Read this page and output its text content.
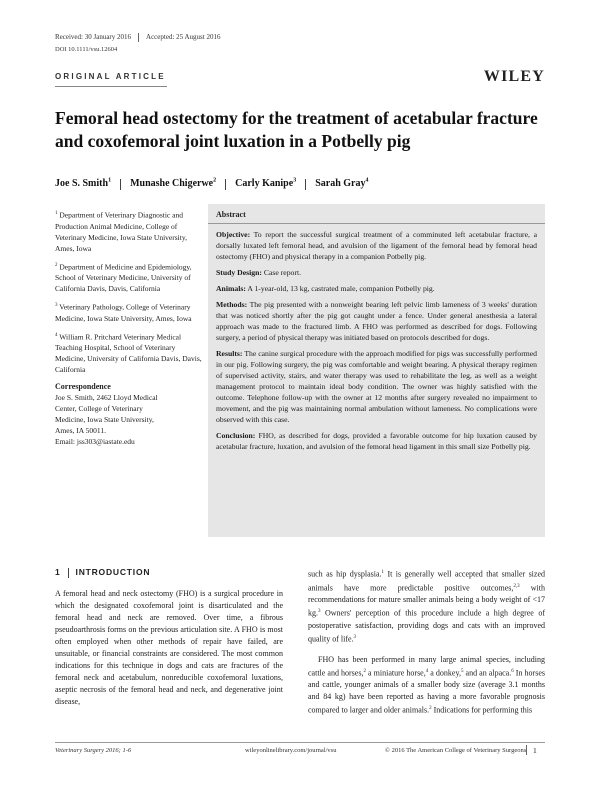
Received: 30 January 2016 Accepted: 25 August 2016
DOI 10.1111/vsu.12604
ORIGINAL ARTICLE	WILEY
Femoral head ostectomy for the treatment of acetabular fracture and coxofemoral joint luxation in a Potbelly pig
Joe S. Smith$^1$ Munashe Chigerwe$^2$ Carly Kanipe$^3$ Sarah Gray$^4$
$^1$ Department of Veterinary Diagnostic and Production Animal Medicine, College of Veterinary Medicine, Iowa State University, Ames, Iowa
$^2$ Department of Medicine and Epidemiology, School of Veterinary Medicine, University of California Davis, Davis, California
$^3$ Veterinary Pathology, College of Veterinary Medicine, Iowa State University, Ames, Iowa
$^4$ William R. Pritchard Veterinary Medical Teaching Hospital, School of Veterinary Medicine, University of California Davis, Davis, California
Correspondence
Joe S. Smith, 2462 Lloyd Medical
Center, College of Veterinary
Medicine, Iowa State University,
Ames, IA 50011.
Email: jss303@iastate.edu
Abstract

Objective: To report the successful surgical treatment of a comminuted left acetabular fracture, a dorsally luxated left femoral head, and avulsion of the ligament of the femoral head by femoral head ostectomy (FHO) and physical therapy in a companion Potbelly pig.

Study Design: Case report.

Animals: A 1-year-old, 13 kg, castrated male, companion Potbelly pig.

Methods: The pig presented with a nonweight bearing left pelvic limb lameness of 3 weeks' duration that was noticed shortly after the pig got caught under a fence. Under general anesthesia a lateral approach was made to the fractured limb. A FHO was performed as described for dogs. Following surgery, a period of physical therapy was initiated based on protocols described for dogs.

Results: The canine surgical procedure with the approach modified for pigs was successfully performed in our pig. Following surgery, the pig was comfortable and weight bearing. A physical therapy regimen of supervised activity, stairs, and water therapy was used to rehabilitate the leg, as well as a weight management protocol to maintain ideal body condition. The owner was highly satisfied with the outcome. Telephone follow-up with the owner at 12 months after surgery revealed no impairment to movement, and the pig was maintaining normal ambulation without lameness. No complications were observed with this case.

Conclusion: FHO, as described for dogs, provided a favorable outcome for hip luxation caused by acetabular fracture, luxation, and avulsion of the femoral head ligament in this small size Potbelly pig.

1 INTRODUCTION

A femoral head and neck ostectomy (FHO) is a surgical procedure in which the designated coxofemoral joint is disarticulated and the femoral head and neck are removed. Over time, a fibrous pseudoarthrosis forms on the previous articulation site. A FHO is most often employed when other methods of repair have failed, are unsuitable, or financial constraints are considered. The most common indications for this technique in dogs and cats are fractures of the femoral neck and acetabulum, nonreducible coxofemoral luxations, aseptic necrosis of the femoral head and neck, and degenerative joint disease,

such as hip dysplasia.$^1$ It is generally well accepted that smaller sized animals have more predictable positive outcomes,$^{2,3}$ with recommendations for mature smaller animals being a body weight of <17 kg.$^3$ Owners' perception of this procedure include a high degree of postoperative satisfaction, providing dogs and cats with an improved quality of life.$^3$

FHO has been performed in many large animal species, including cattle and horses,$^2$ a miniature horse,$^4$ a donkey,$^5$ and an alpaca.$^6$ In horses and cattle, younger animals of a smaller body size (average 3.1 months and 84 kg) have been reported as having a more favorable prognosis compared to larger and older animals.$^2$ Indications for performing this

Veterinary Surgery 2016; 1-6	wileyonlinelibrary.com/journal/vsu	© 2016 The American College of Veterinary Surgeons 1
